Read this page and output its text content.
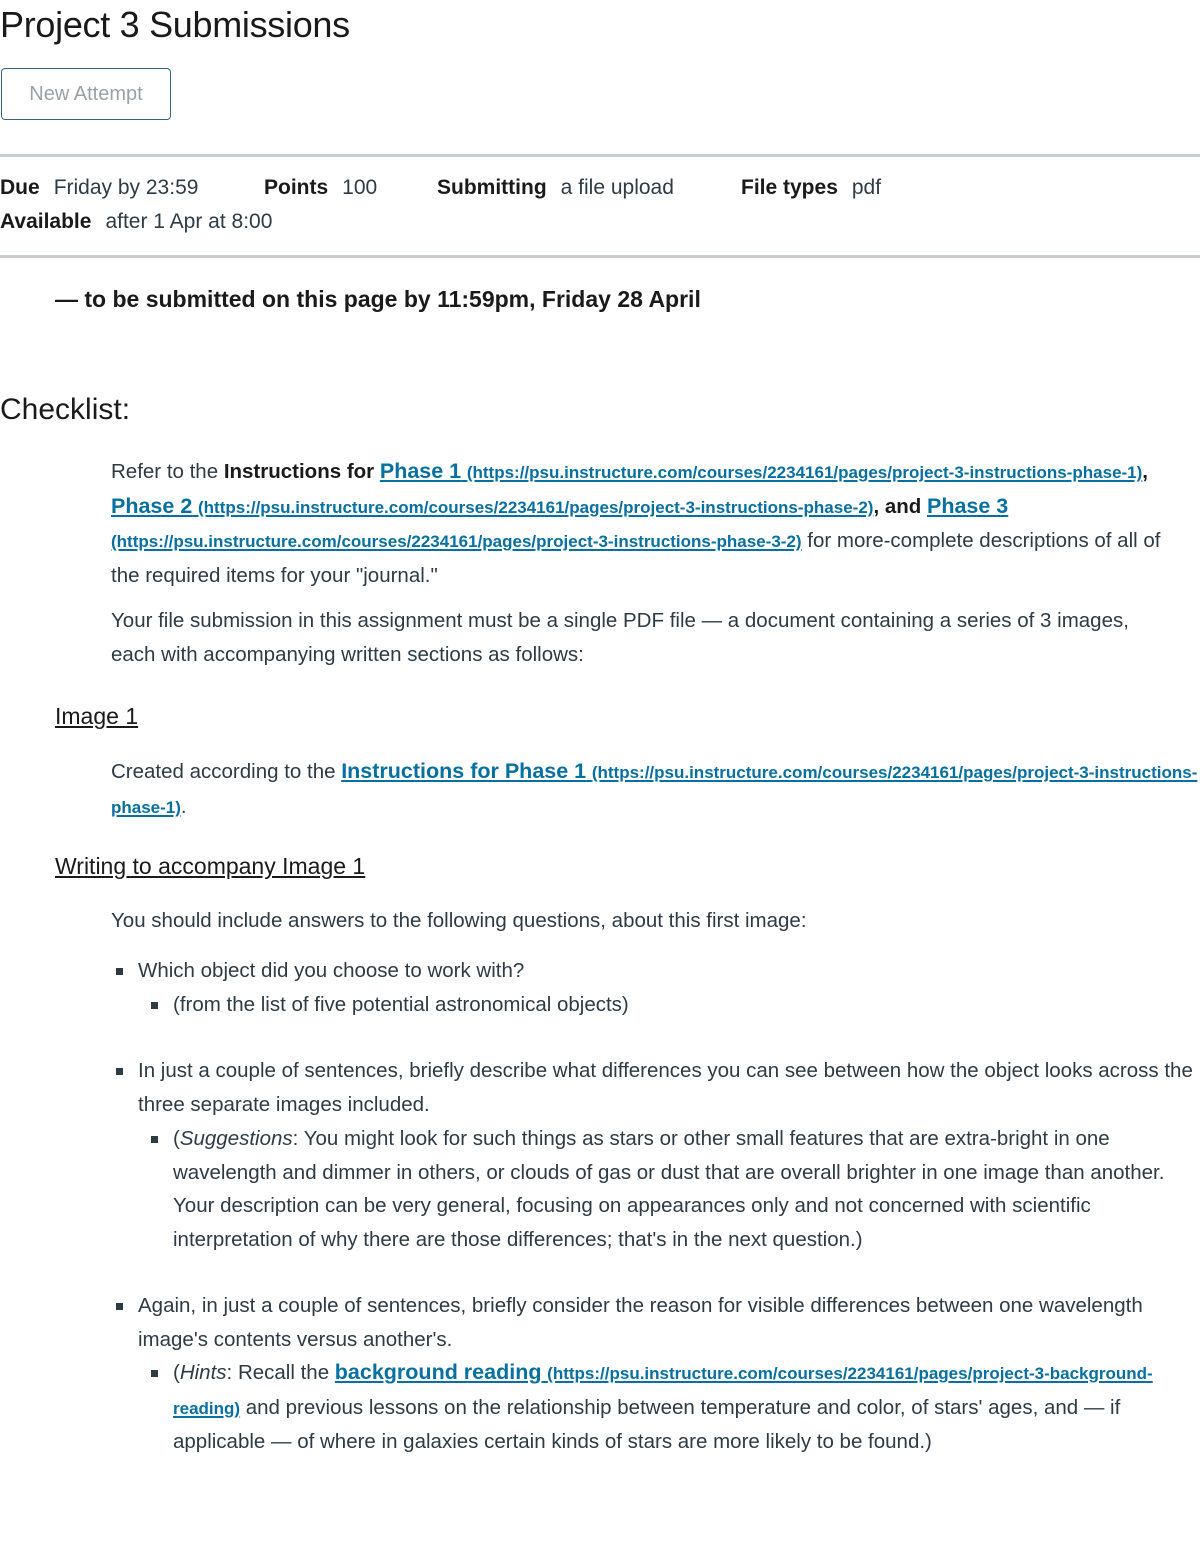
Project 3 Submissions
New Attempt
Due Friday by 23:59	Points 100	Submitting a file upload	File types pdf
Available after 1 Apr at 8:00

— to be submitted on this page by 11:59pm, Friday 28 April

Checklist:

Refer to the Instructions for Phase 1 (https://psu.instructure.com/courses/2234161/pages/project-3-instructions-phase-1), Phase 2 (https://psu.instructure.com/courses/2234161/pages/project-3-instructions-phase-2), and Phase 3 (https://psu.instructure.com/courses/2234161/pages/project-3-instructions-phase-3-2) for more-complete descriptions of all of the required items for your "journal."

Your file submission in this assignment must be a single PDF file — a document containing a series of 3 images, each with accompanying written sections as follows:

Image 1

Created according to the Instructions for Phase 1 (https://psu.instructure.com/courses/2234161/pages/project-3-instructions-phase-1).

Writing to accompany Image 1

You should include answers to the following questions, about this first image:

Which object did you choose to work with?

(from the list of five potential astronomical objects)

In just a couple of sentences, briefly describe what differences you can see between how the object looks across the three separate images included.

(Suggestions: You might look for such things as stars or other small features that are extra-bright in one wavelength and dimmer in others, or clouds of gas or dust that are overall brighter in one image than another. Your description can be very general, focusing on appearances only and not concerned with scientific interpretation of why there are those differences; that's in the next question.)

Again, in just a couple of sentences, briefly consider the reason for visible differences between one wavelength image's contents versus another's.

(Hints: Recall the background reading (https://psu.instructure.com/courses/2234161/pages/project-3-background-reading) and previous lessons on the relationship between temperature and color, of stars' ages, and — if applicable — of where in galaxies certain kinds of stars are more likely to be found.)
